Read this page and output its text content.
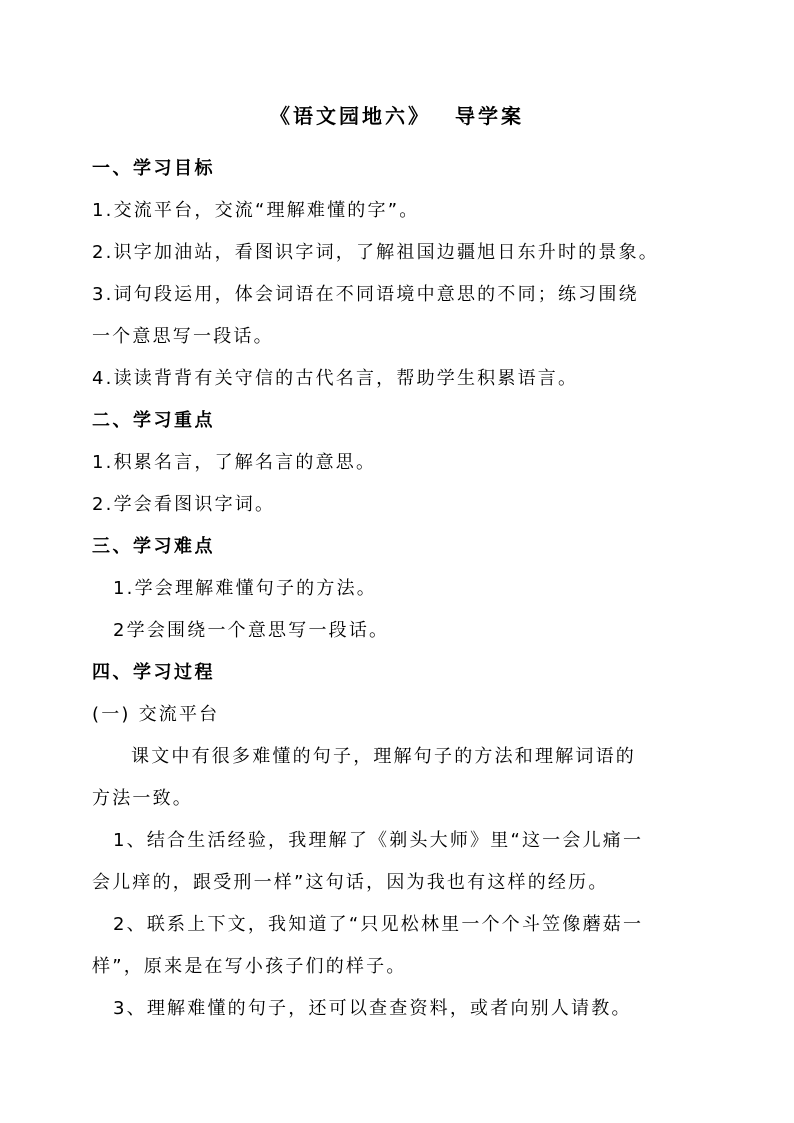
《语文园地六》 导学案
一、学习目标
1.交流平台，交流“理解难懂的字”。
2.识字加油站，看图识字词，了解祖国边疆旭日东升时的景象。
3.词句段运用，体会词语在不同语境中意思的不同；练习围绕
一个意思写一段话。
4.读读背背有关守信的古代名言，帮助学生积累语言。
二、学习重点
1.积累名言，了解名言的意思。
2.学会看图识字词。
三、学习难点
1.学会理解难懂句子的方法。
2学会围绕一个意思写一段话。
四、学习过程
(一) 交流平台
课文中有很多难懂的句子，理解句子的方法和理解词语的
方法一致。
1、结合生活经验，我理解了《剃头大师》里“这一会儿痛一
会儿痒的，跟受刑一样”这句话，因为我也有这样的经历。
2、联系上下文，我知道了“只见松林里一个个斗笠像蘑菇一
样”，原来是在写小孩子们的样子。
3、理解难懂的句子，还可以查查资料，或者向别人请教。
